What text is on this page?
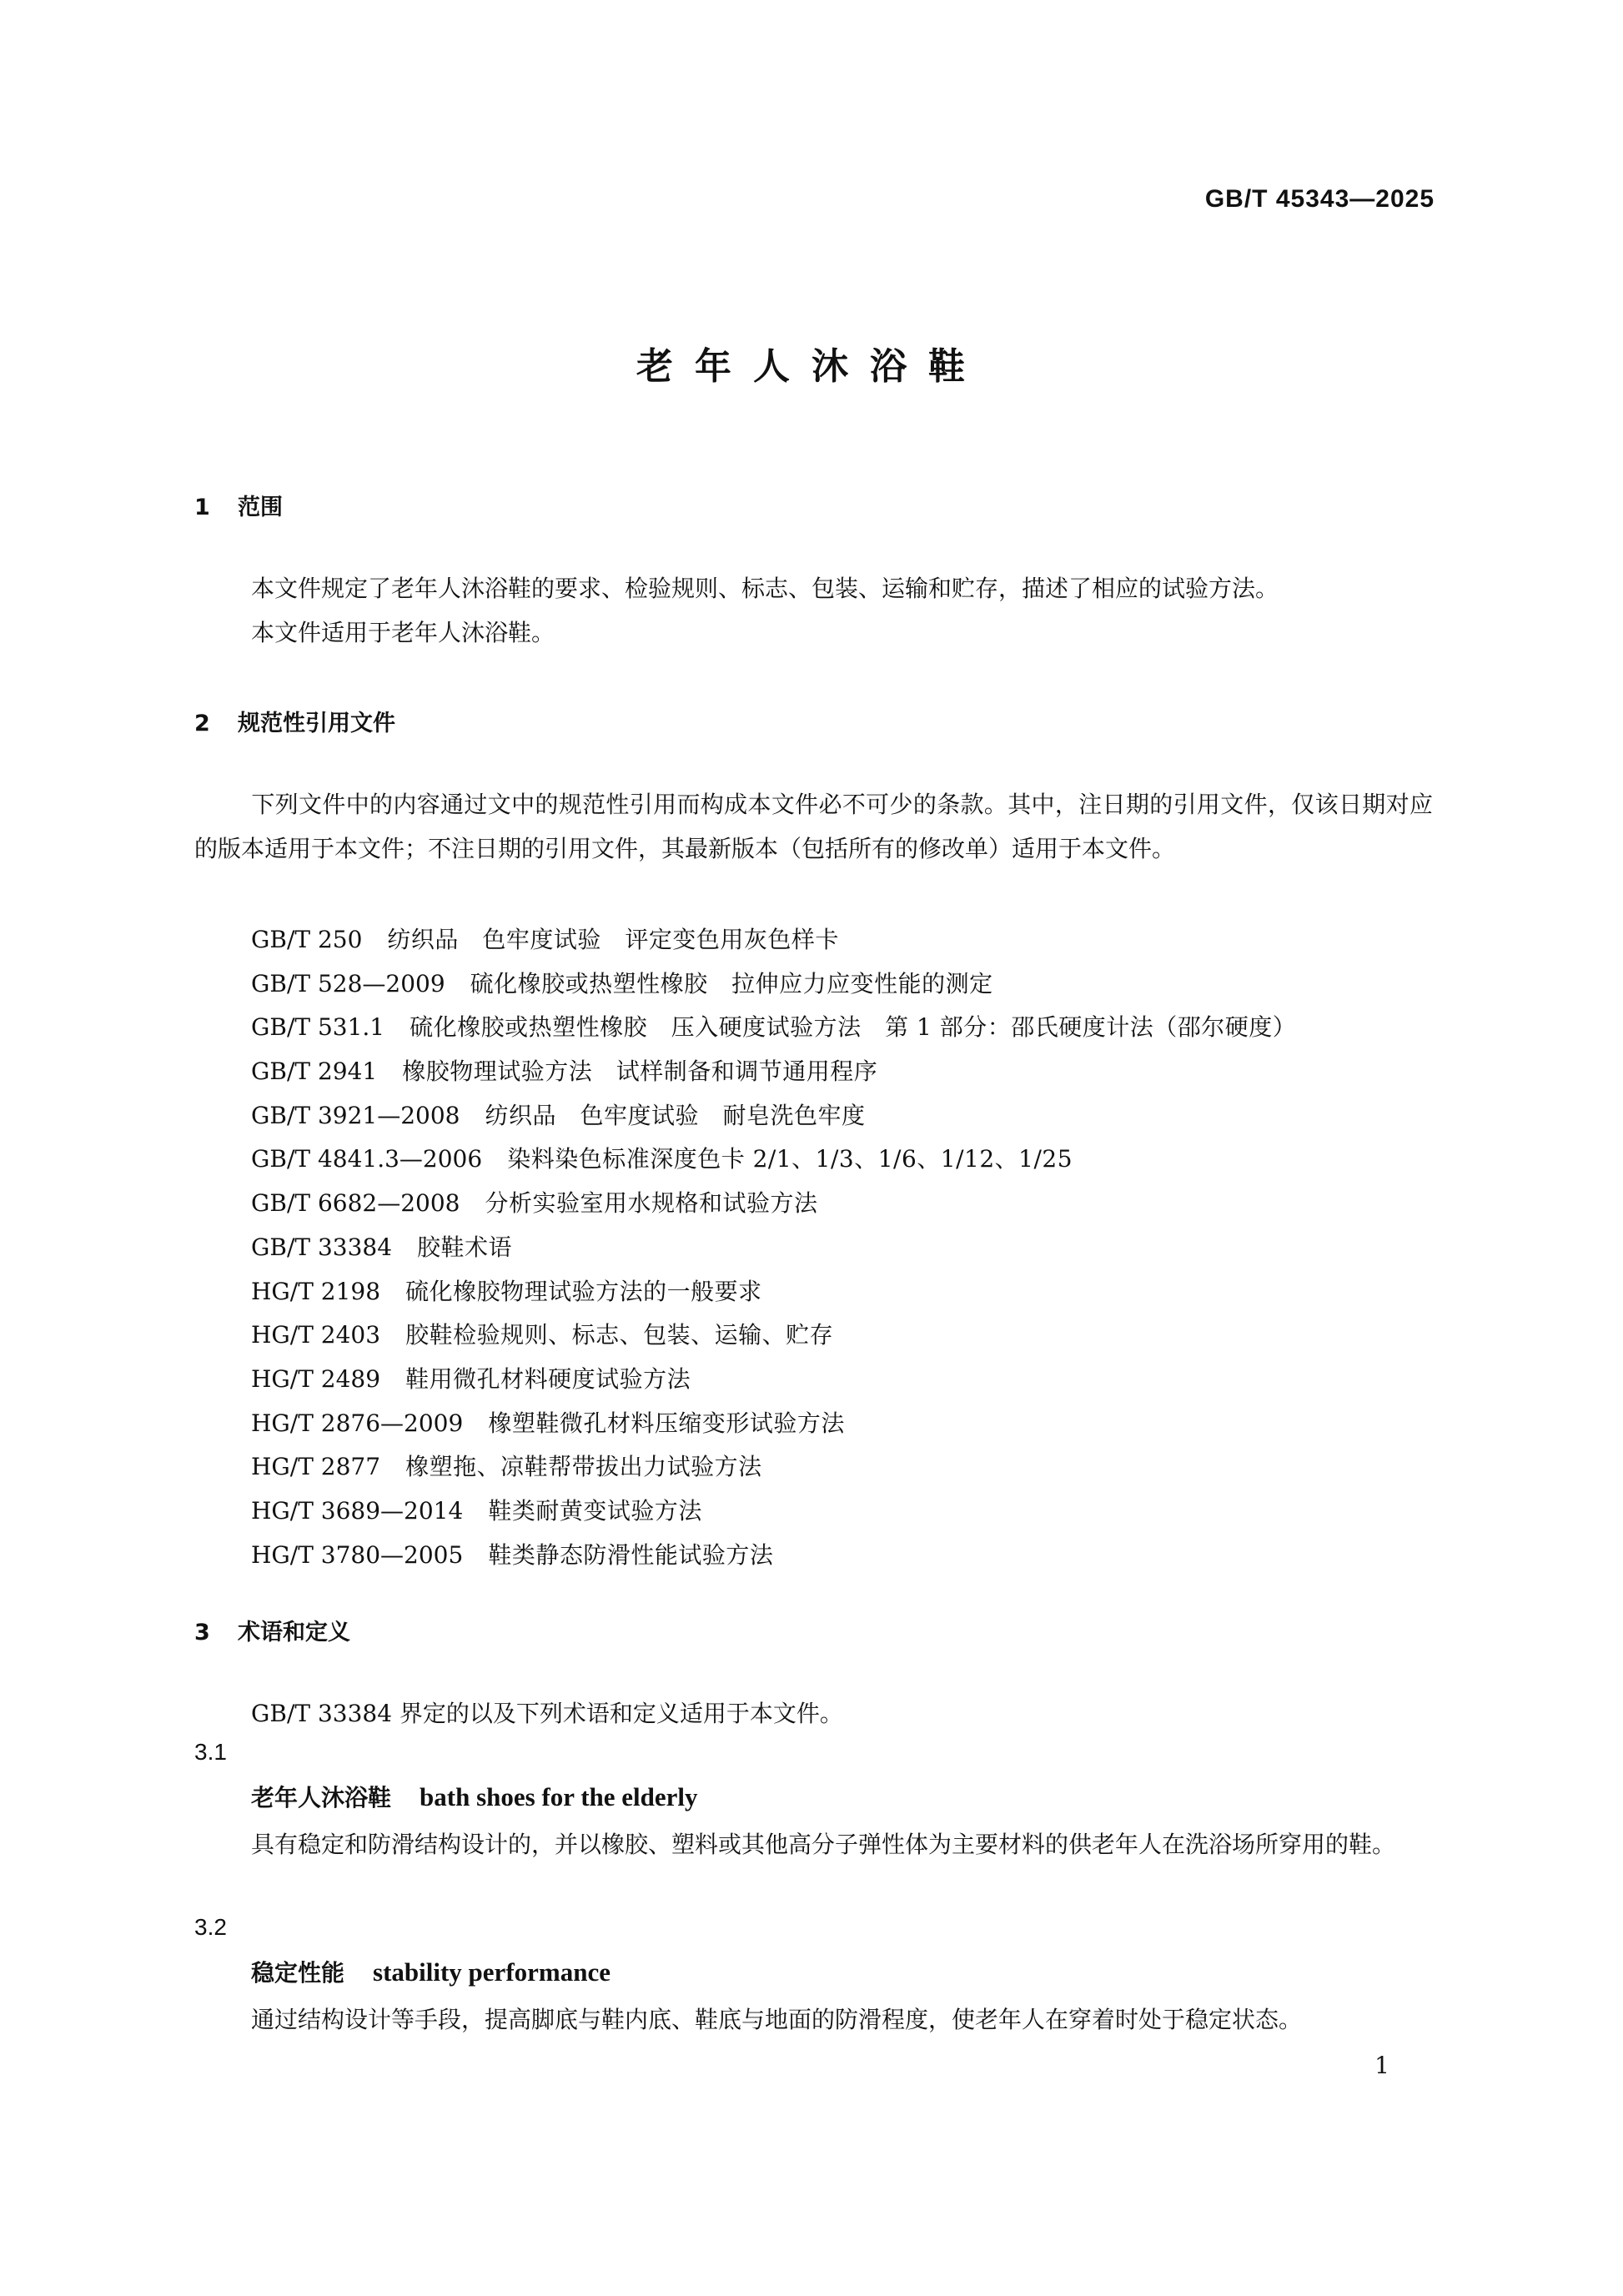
GB/T 45343—2025
老年人沐浴鞋
1 范围
本文件规定了老年人沐浴鞋的要求、检验规则、标志、包装、运输和贮存，描述了相应的试验方法。
本文件适用于老年人沐浴鞋。
2 规范性引用文件
下列文件中的内容通过文中的规范性引用而构成本文件必不可少的条款。其中，注日期的引用文件，仅该日期对应的版本适用于本文件；不注日期的引用文件，其最新版本（包括所有的修改单）适用于本文件。
GB/T 250 纺织品　色牢度试验　评定变色用灰色样卡
GB/T 528—2009 硫化橡胶或热塑性橡胶　拉伸应力应变性能的测定
GB/T 531.1 硫化橡胶或热塑性橡胶　压入硬度试验方法　第 1 部分：邵氏硬度计法（邵尔硬度）
GB/T 2941 橡胶物理试验方法　试样制备和调节通用程序
GB/T 3921—2008 纺织品　色牢度试验　耐皂洗色牢度
GB/T 4841.3—2006 染料染色标准深度色卡 2/1、1/3、1/6、1/12、1/25
GB/T 6682—2008 分析实验室用水规格和试验方法
GB/T 33384 胶鞋术语
HG/T 2198 硫化橡胶物理试验方法的一般要求
HG/T 2403 胶鞋检验规则、标志、包装、运输、贮存
HG/T 2489 鞋用微孔材料硬度试验方法
HG/T 2876—2009 橡塑鞋微孔材料压缩变形试验方法
HG/T 2877 橡塑拖、凉鞋帮带拔出力试验方法
HG/T 3689—2014 鞋类耐黄变试验方法
HG/T 3780—2005 鞋类静态防滑性能试验方法
3 术语和定义
GB/T 33384 界定的以及下列术语和定义适用于本文件。
3.1
老年人沐浴鞋 bath shoes for the elderly
具有稳定和防滑结构设计的，并以橡胶、塑料或其他高分子弹性体为主要材料的供老年人在洗浴场所穿用的鞋。
3.2
稳定性能 stability performance
通过结构设计等手段，提高脚底与鞋内底、鞋底与地面的防滑程度，使老年人在穿着时处于稳定状态。
1
